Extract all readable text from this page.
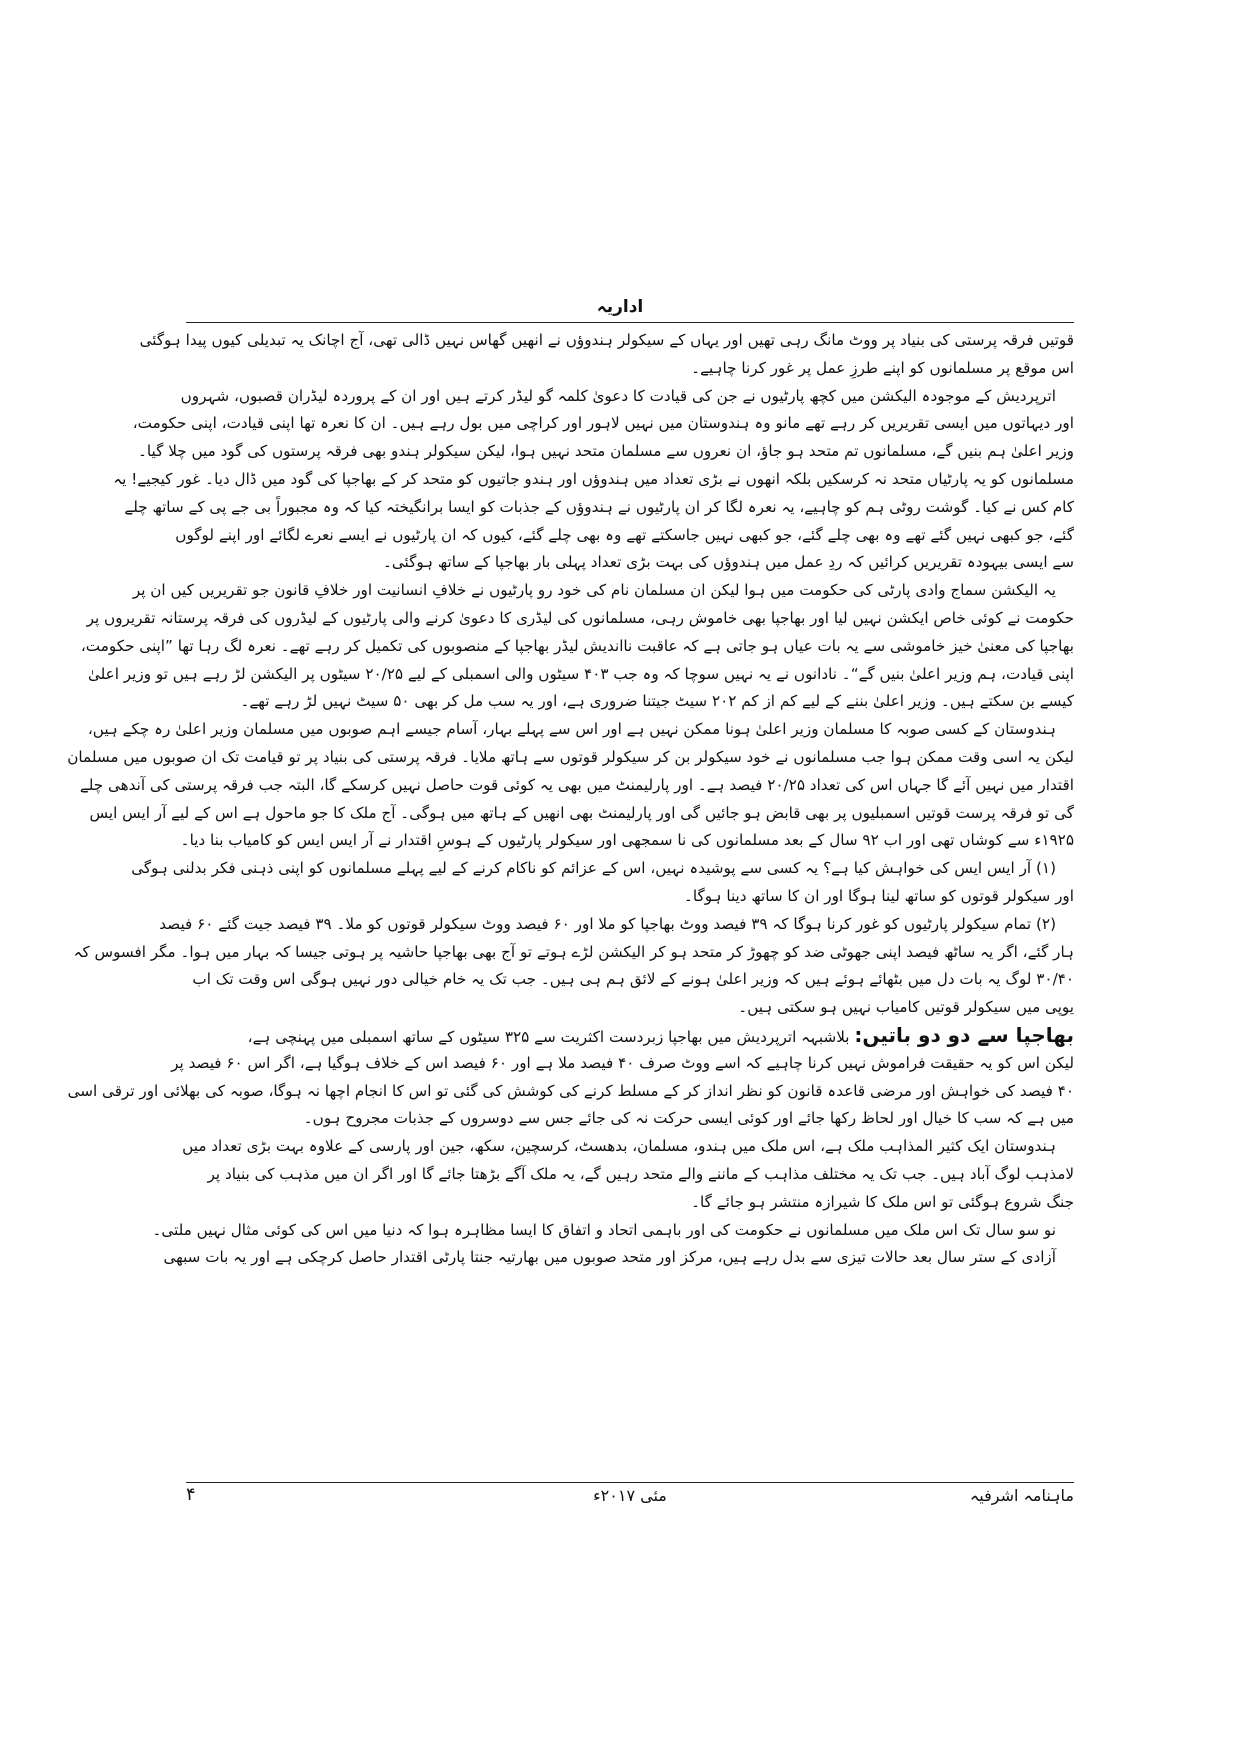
اداریہ
قوتیں فرقہ پرستی کی بنیاد پر ووٹ مانگ رہی تھیں اور یہاں کے سیکولر ہندوؤں نے انھیں گھاس نہیں ڈالی تھی، آج اچانک یہ تبدیلی کیوں پیدا ہوگئی
اس موقع پر مسلمانوں کو اپنے طرزِ عمل پر غور کرنا چاہیے۔
اترپردیش کے موجودہ الیکشن میں کچھ پارٹیوں نے جن کی قیادت کا دعویٰ کلمہ گو لیڈر کرتے ہیں اور ان کے پروردہ لیڈران قصبوں، شہروں
اور دیہاتوں میں ایسی تقریریں کر رہے تھے مانو وہ ہندوستان میں نہیں لاہور اور کراچی میں بول رہے ہیں۔ ان کا نعرہ تھا اپنی قیادت، اپنی حکومت،
وزیر اعلیٰ ہم بنیں گے، مسلمانوں تم متحد ہو جاؤ، ان نعروں سے مسلمان متحد نہیں ہوا، لیکن سیکولر ہندو بھی فرقہ پرستوں کی گود میں چلا گیا۔
مسلمانوں کو یہ پارٹیاں متحد نہ کرسکیں بلکہ انھوں نے بڑی تعداد میں ہندوؤں اور ہندو جاتیوں کو متحد کر کے بھاجپا کی گود میں ڈال دیا۔ غور کیجیے! یہ
کام کس نے کیا۔ گوشت روٹی ہم کو چاہیے، یہ نعرہ لگا کر ان پارٹیوں نے ہندوؤں کے جذبات کو ایسا برانگیختہ کیا کہ وہ مجبوراً بی جے پی کے ساتھ چلے
گئے، جو کبھی نہیں گئے تھے وہ بھی چلے گئے، جو کبھی نہیں جاسکتے تھے وہ بھی چلے گئے، کیوں کہ ان پارٹیوں نے ایسے نعرے لگائے اور اپنے لوگوں
سے ایسی بیہودہ تقریریں کرائیں کہ ردِ عمل میں ہندوؤں کی بہت بڑی تعداد پہلی بار بھاجپا کے ساتھ ہوگئی۔
یہ الیکشن سماج وادی پارٹی کی حکومت میں ہوا لیکن ان مسلمان نام کی خود رو پارٹیوں نے خلافِ انسانیت اور خلافِ قانون جو تقریریں کیں ان پر
حکومت نے کوئی خاص ایکشن نہیں لیا اور بھاجپا بھی خاموش رہی، مسلمانوں کی لیڈری کا دعویٰ کرنے والی پارٹیوں کے لیڈروں کی فرقہ پرستانہ تقریروں پر
بھاجپا کی معنیٰ خیز خاموشی سے یہ بات عیاں ہو جاتی ہے کہ عاقبت نااندیش لیڈر بھاجپا کے منصوبوں کی تکمیل کر رہے تھے۔ نعرہ لگ رہا تھا ”اپنی حکومت،
اپنی قیادت، ہم وزیر اعلیٰ بنیں گے“۔ نادانوں نے یہ نہیں سوچا کہ وہ جب ۴۰۳ سیٹوں والی اسمبلی کے لیے ۲۰/۲۵ سیٹوں پر الیکشن لڑ رہے ہیں تو وزیر اعلیٰ
کیسے بن سکتے ہیں۔ وزیر اعلیٰ بننے کے لیے کم از کم ۲۰۲ سیٹ جیتنا ضروری ہے، اور یہ سب مل کر بھی ۵۰ سیٹ نہیں لڑ رہے تھے۔
ہندوستان کے کسی صوبہ کا مسلمان وزیر اعلیٰ ہونا ممکن نہیں ہے اور اس سے پہلے بہار، آسام جیسے اہم صوبوں میں مسلمان وزیر اعلیٰ رہ چکے ہیں،
لیکن یہ اسی وقت ممکن ہوا جب مسلمانوں نے خود سیکولر بن کر سیکولر قوتوں سے ہاتھ ملایا۔ فرقہ پرستی کی بنیاد پر تو قیامت تک ان صوبوں میں مسلمان
اقتدار میں نہیں آئے گا جہاں اس کی تعداد ۲۰/۲۵ فیصد ہے۔ اور پارلیمنٹ میں بھی یہ کوئی قوت حاصل نہیں کرسکے گا، البتہ جب فرقہ پرستی کی آندھی چلے
گی تو فرقہ پرست قوتیں اسمبلیوں پر بھی قابض ہو جائیں گی اور پارلیمنٹ بھی انھیں کے ہاتھ میں ہوگی۔ آج ملک کا جو ماحول ہے اس کے لیے آر ایس ایس
۱۹۲۵ء سے کوشاں تھی اور اب ۹۲ سال کے بعد مسلمانوں کی نا سمجھی اور سیکولر پارٹیوں کے ہوسِ اقتدار نے آر ایس ایس کو کامیاب بنا دیا۔
(۱) آر ایس ایس کی خواہش کیا ہے؟ یہ کسی سے پوشیدہ نہیں، اس کے عزائم کو ناکام کرنے کے لیے پہلے مسلمانوں کو اپنی ذہنی فکر بدلنی ہوگی
اور سیکولر قوتوں کو ساتھ لینا ہوگا اور ان کا ساتھ دینا ہوگا۔
(۲) تمام سیکولر پارٹیوں کو غور کرنا ہوگا کہ ۳۹ فیصد ووٹ بھاجپا کو ملا اور ۶۰ فیصد ووٹ سیکولر قوتوں کو ملا۔ ۳۹ فیصد جیت گئے ۶۰ فیصد
ہار گئے، اگر یہ ساٹھ فیصد اپنی جھوٹی ضد کو چھوڑ کر متحد ہو کر الیکشن لڑے ہوتے تو آج بھی بھاجپا حاشیہ پر ہوتی جیسا کہ بہار میں ہوا۔ مگر افسوس کہ
۳۰/۴۰ لوگ یہ بات دل میں بٹھائے ہوئے ہیں کہ وزیر اعلیٰ ہونے کے لائق ہم ہی ہیں۔ جب تک یہ خام خیالی دور نہیں ہوگی اس وقت تک اب
یوپی میں سیکولر قوتیں کامیاب نہیں ہو سکتی ہیں۔
بھاجپا سے دو دو باتیں: بلاشبہہ اترپردیش میں بھاجپا زبردست اکثریت سے ۳۲۵ سیٹوں کے ساتھ اسمبلی میں پہنچی ہے،
لیکن اس کو یہ حقیقت فراموش نہیں کرنا چاہیے کہ اسے ووٹ صرف ۴۰ فیصد ملا ہے اور ۶۰ فیصد اس کے خلاف ہوگیا ہے، اگر اس ۶۰ فیصد پر
۴۰ فیصد کی خواہش اور مرضی قاعدہ قانون کو نظر انداز کر کے مسلط کرنے کی کوشش کی گئی تو اس کا انجام اچھا نہ ہوگا، صوبہ کی بھلائی اور ترقی اسی
میں ہے کہ سب کا خیال اور لحاظ رکھا جائے اور کوئی ایسی حرکت نہ کی جائے جس سے دوسروں کے جذبات مجروح ہوں۔
ہندوستان ایک کثیر المذاہب ملک ہے، اس ملک میں ہندو، مسلمان، بدھسٹ، کرسچین، سکھ، جین اور پارسی کے علاوہ بہت بڑی تعداد میں
لامذہب لوگ آباد ہیں۔ جب تک یہ مختلف مذاہب کے ماننے والے متحد رہیں گے، یہ ملک آگے بڑھتا جائے گا اور اگر ان میں مذہب کی بنیاد پر
جنگ شروع ہوگئی تو اس ملک کا شیرازہ منتشر ہو جائے گا۔
نو سو سال تک اس ملک میں مسلمانوں نے حکومت کی اور باہمی اتحاد و اتفاق کا ایسا مظاہرہ ہوا کہ دنیا میں اس کی کوئی مثال نہیں ملتی۔
آزادی کے ستر سال بعد حالات تیزی سے بدل رہے ہیں، مرکز اور متحد صوبوں میں بھارتیہ جنتا پارٹی اقتدار حاصل کرچکی ہے اور یہ بات سبھی
۴	مئی ۲۰۱۷ء	ماہنامہ اشرفیہ
